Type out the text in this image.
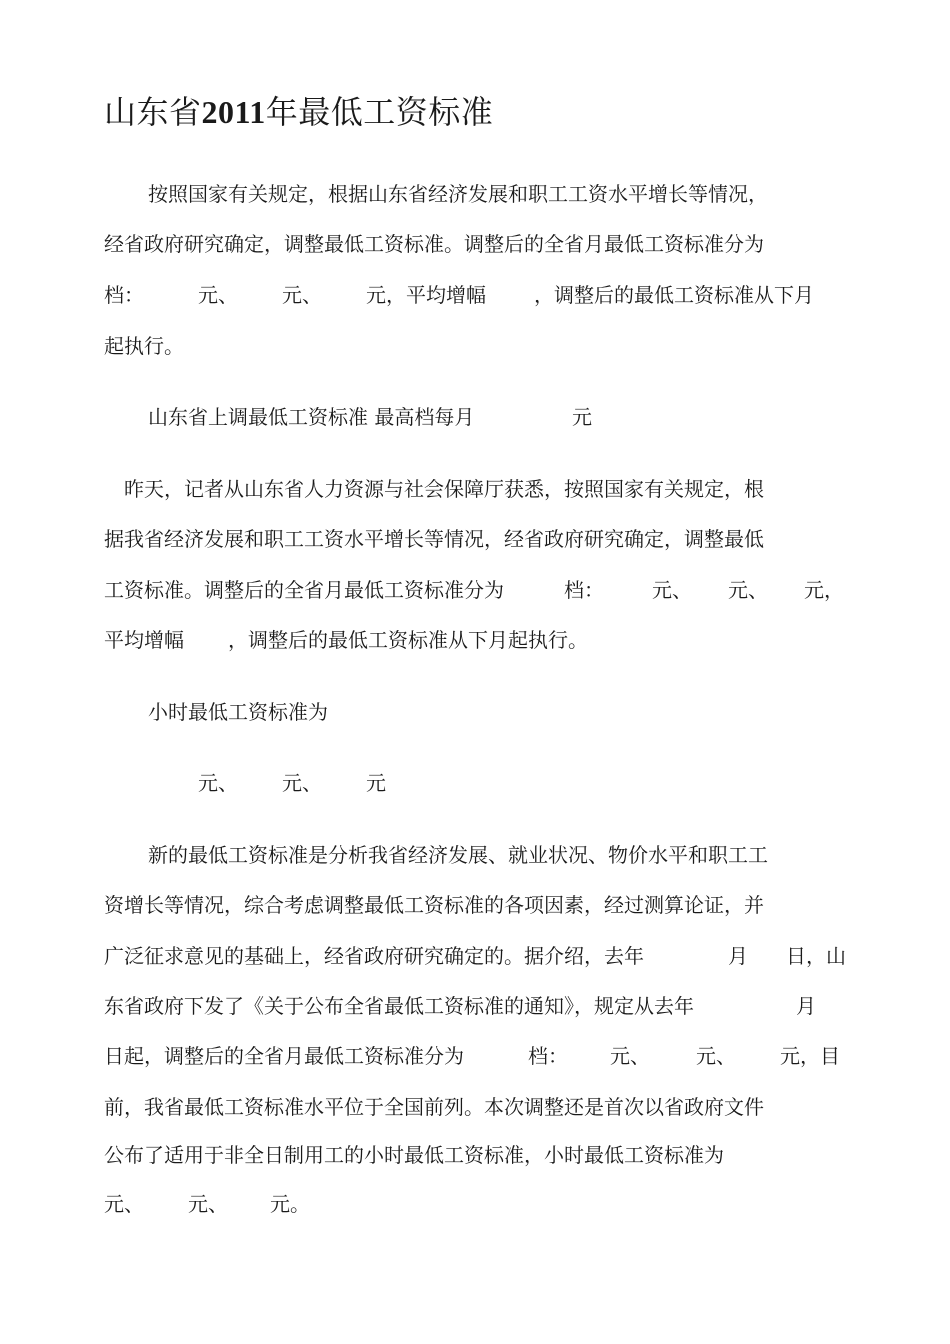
山东省2011年最低工资标准
按照国家有关规定，根据山东省经济发展和职工工资水平增长等情况，
经省政府研究确定，调整最低工资标准。调整后的全省月最低工资标准分为
档：	元、 元、 元，平均增幅 ，调整后的最低工资标准从下月
起执行。
山东省上调最低工资标准 最高档每月	元
昨天，记者从山东省人力资源与社会保障厅获悉，按照国家有关规定，根
据我省经济发展和职工工资水平增长等情况，经省政府研究确定，调整最低
工资标准。调整后的全省月最低工资标准分为	档： 元、 元、 元，
平均增幅 ，调整后的最低工资标准从下月起执行。
小时最低工资标准为
元、 元、 元
新的最低工资标准是分析我省经济发展、就业状况、物价水平和职工工
资增长等情况，综合考虑调整最低工资标准的各项因素，经过测算论证，并
广泛征求意见的基础上，经省政府研究确定的。据介绍，去年	月 日，山
东省政府下发了《关于公布全省最低工资标准的通知》，规定从去年	月
日起，调整后的全省月最低工资标准分为	档： 元、 元、 元，目
前，我省最低工资标准水平位于全国前列。本次调整还是首次以省政府文件
公布了适用于非全日制用工的小时最低工资标准，小时最低工资标准为
元、 元、 元。
